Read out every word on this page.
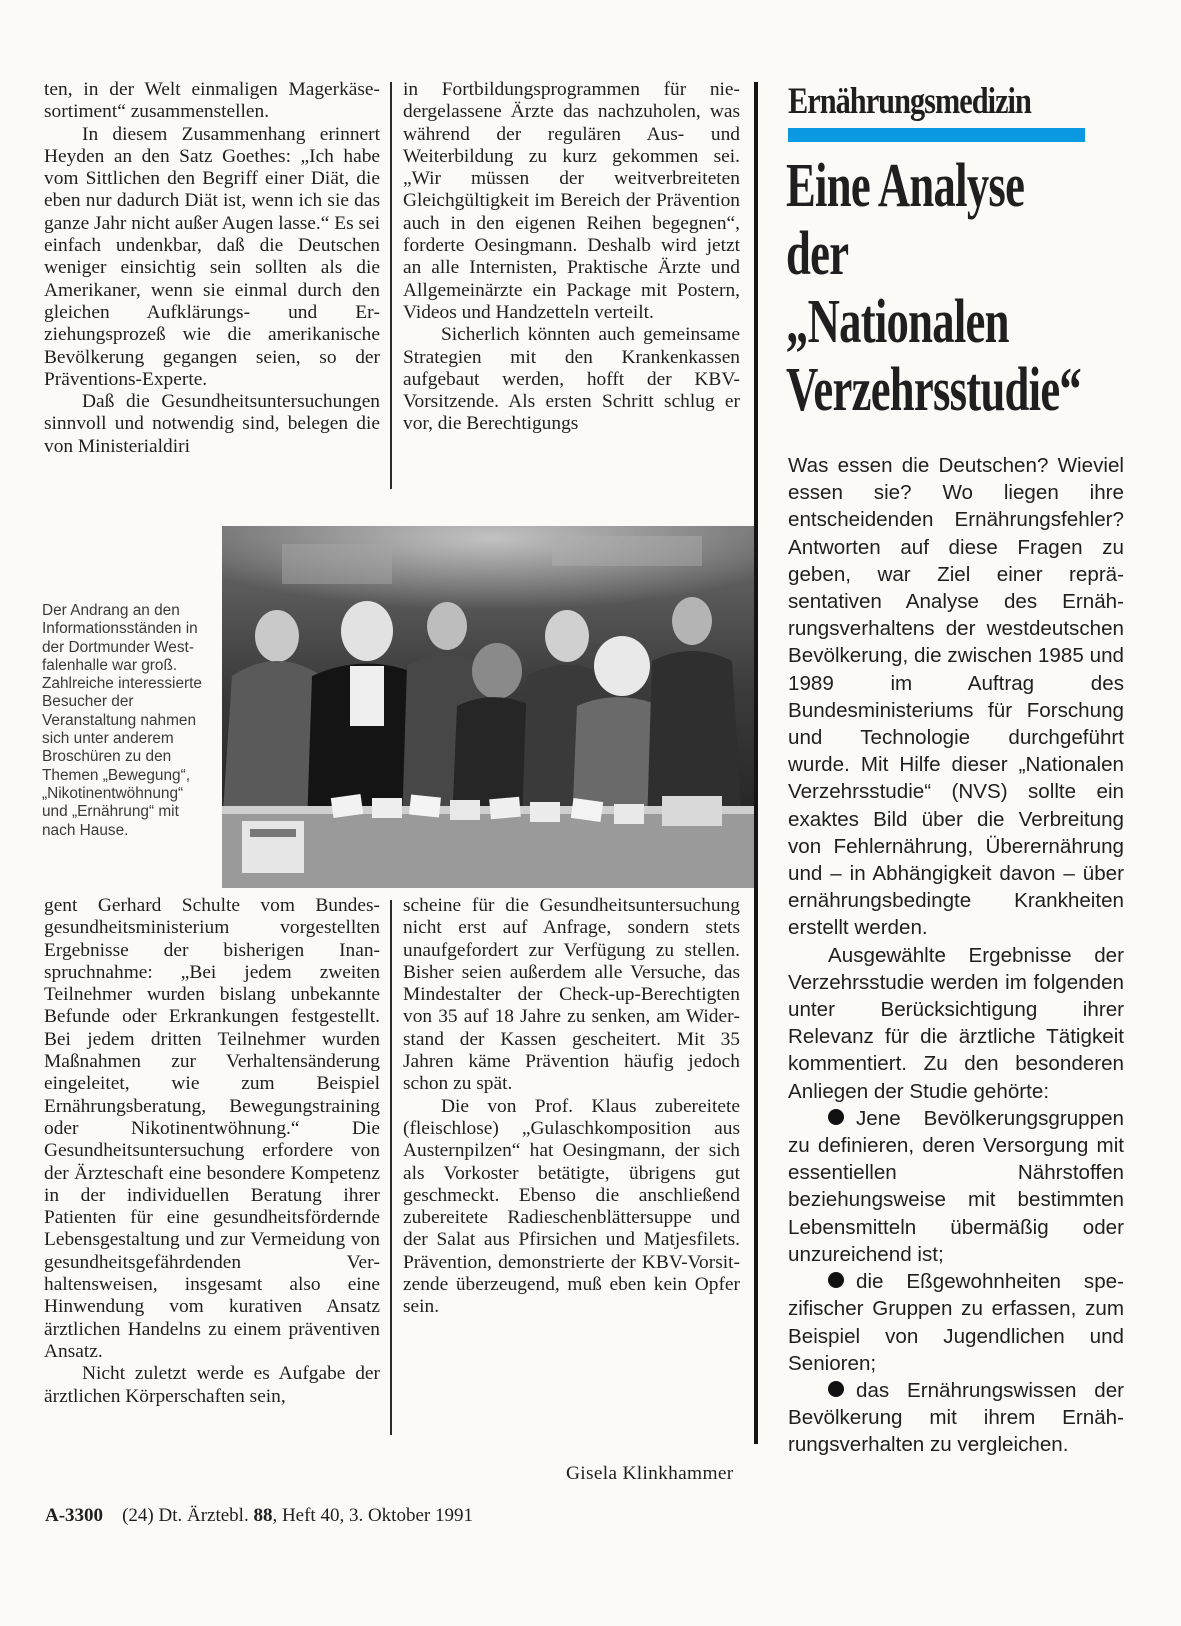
ten, in der Welt einmaligen Magerkäsesortiment“ zusammenstellen.

In diesem Zusammenhang erinnert Heyden an den Satz Goethes: „Ich habe vom Sittlichen den Begriff einer Diät, die eben nur dadurch Diät ist, wenn ich sie das ganze Jahr nicht außer Augen lasse.“ Es sei einfach undenkbar, daß die Deutschen weniger einsichtig sein sollten als die Amerikaner, wenn sie einmal durch den gleichen Aufklärungs- und Erziehungsprozeß wie die amerikanische Bevölkerung gegangen seien, so der Präventions-Experte.

Daß die Gesundheitsuntersuchungen sinnvoll und notwendig sind, belegen die von Ministerialdiri

in Fortbildungsprogrammen für niedergelassene Ärzte das nachzuholen, was während der regulären Aus- und Weiterbildung zu kurz gekommen sei. „Wir müssen der weitverbreiteten Gleichgültigkeit im Bereich der Prävention auch in den eigenen Reihen begegnen“, forderte Oesingmann. Deshalb wird jetzt an alle Internisten, Praktische Ärzte und Allgemeinärzte ein Package mit Postern, Videos und Handzetteln verteilt.

Sicherlich könnten auch gemeinsame Strategien mit den Krankenkassen aufgebaut werden, hofft der KBV-Vorsitzende. Als ersten Schritt schlug er vor, die Berechtigungs

Der Andrang an den Informationsständen in der Dortmunder Westfalenhalle war groß. Zahlreiche interessierte Besucher der Veranstaltung nahmen sich unter anderem Broschüren zu den Themen „Bewegung“, „Nikotinentwöhnung“ und „Ernährung“ mit nach Hause.

gent Gerhard Schulte vom Bundesgesundheitsministerium vorgestellten Ergebnisse der bisherigen Inanspruchnahme: „Bei jedem zweiten Teilnehmer wurden bislang unbekannte Befunde oder Erkrankungen festgestellt. Bei jedem dritten Teilnehmer wurden Maßnahmen zur Verhaltensänderung eingeleitet, wie zum Beispiel Ernährungsberatung, Bewegungstraining oder Nikotinentwöhnung.“ Die Gesundheitsuntersuchung erfordere von der Ärzteschaft eine besondere Kompetenz in der individuellen Beratung ihrer Patienten für eine gesundheitsfördernde Lebensgestaltung und zur Vermeidung von gesundheitsgefährdenden Verhaltensweisen, insgesamt also eine Hinwendung vom kurativen Ansatz ärztlichen Handelns zu einem präventiven Ansatz.

Nicht zuletzt werde es Aufgabe der ärztlichen Körperschaften sein,

scheine für die Gesundheitsuntersuchung nicht erst auf Anfrage, sondern stets unaufgefordert zur Verfügung zu stellen. Bisher seien außerdem alle Versuche, das Mindestalter der Check-up-Berechtigten von 35 auf 18 Jahre zu senken, am Widerstand der Kassen gescheitert. Mit 35 Jahren käme Prävention häufig jedoch schon zu spät.

Die von Prof. Klaus zubereitete (fleischlose) „Gulaschkomposition aus Austernpilzen“ hat Oesingmann, der sich als Vorkoster betätigte, übrigens gut geschmeckt. Ebenso die anschließend zubereitete Radieschenblättersuppe und der Salat aus Pfirsichen und Matjesfilets. Prävention, demonstrierte der KBV-Vorsitzende überzeugend, muß eben kein Opfer sein.

Gisela Klinkhammer
Ernährungsmedizin
Eine Analyse
der
„Nationalen
Verzehrsstudie“

Was essen die Deutschen? Wieviel essen sie? Wo liegen ihre entscheidenden Ernährungsfehler? Antworten auf diese Fragen zu geben, war Ziel einer repräsentativen Analyse des Ernährungsverhaltens der westdeutschen Bevölkerung, die zwischen 1985 und 1989 im Auftrag des Bundesministeriums für Forschung und Technologie durchgeführt wurde. Mit Hilfe dieser „Nationalen Verzehrsstudie“ (NVS) sollte ein exaktes Bild über die Verbreitung von Fehlernährung, Überernährung und – in Abhängigkeit davon – über ernährungsbedingte Krankheiten erstellt werden.

Ausgewählte Ergebnisse der Verzehrsstudie werden im folgenden unter Berücksichtigung ihrer Relevanz für die ärztliche Tätigkeit kommentiert. Zu den besonderen Anliegen der Studie gehörte:

Jene Bevölkerungsgruppen zu definieren, deren Versorgung mit essentiellen Nährstoffen beziehungsweise mit bestimmten Lebensmitteln übermäßig oder unzureichend ist;

die Eßgewohnheiten spezifischer Gruppen zu erfassen, zum Beispiel von Jugendlichen und Senioren;

das Ernährungswissen der Bevölkerung mit ihrem Ernährungsverhalten zu vergleichen.

A-3300 (24) Dt. Ärztebl. 88, Heft 40, 3. Oktober 1991
